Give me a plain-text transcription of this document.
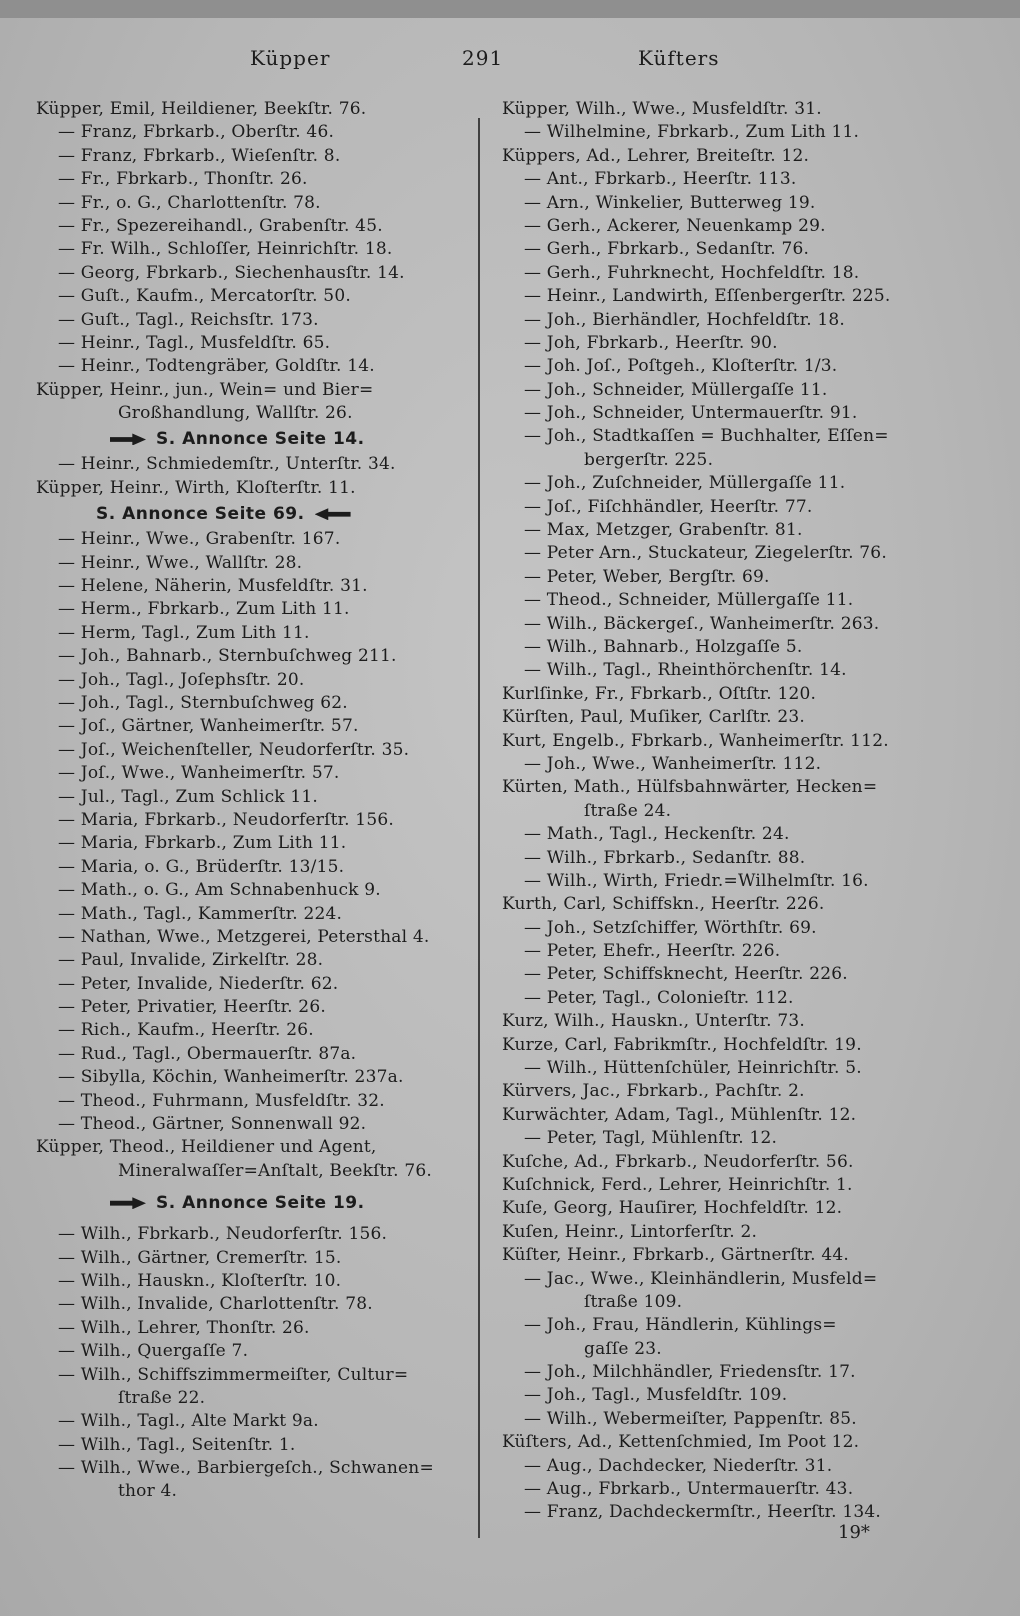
Küpper	291	Küfters
Küpper, Emil, Heildiener, Beekſtr. 76.
— Franz, Fbrkarb., Oberſtr. 46.
— Franz, Fbrkarb., Wieſenſtr. 8.
— Fr., Fbrkarb., Thonſtr. 26.
— Fr., o. G., Charlottenſtr. 78.
— Fr., Spezereihandl., Grabenſtr. 45.
— Fr. Wilh., Schloſſer, Heinrichſtr. 18.
— Georg, Fbrkarb., Siechenhausſtr. 14.
— Guſt., Kaufm., Mercatorſtr. 50.
— Guſt., Tagl., Reichsſtr. 173.
— Heinr., Tagl., Musfeldſtr. 65.
— Heinr., Todtengräber, Goldſtr. 14.
Küpper, Heinr., jun., Wein= und Bier=
Großhandlung, Wallſtr. 26.
S. Annonce Seite 14.
— Heinr., Schmiedemſtr., Unterſtr. 34.
Küpper, Heinr., Wirth, Kloſterſtr. 11.
S. Annonce Seite 69.
— Heinr., Wwe., Grabenſtr. 167.
— Heinr., Wwe., Wallſtr. 28.
— Helene, Näherin, Musfeldſtr. 31.
— Herm., Fbrkarb., Zum Lith 11.
— Herm, Tagl., Zum Lith 11.
— Joh., Bahnarb., Sternbuſchweg 211.
— Joh., Tagl., Joſephsſtr. 20.
— Joh., Tagl., Sternbuſchweg 62.
— Joſ., Gärtner, Wanheimerſtr. 57.
— Joſ., Weichenſteller, Neudorferſtr. 35.
— Joſ., Wwe., Wanheimerſtr. 57.
— Jul., Tagl., Zum Schlick 11.
— Maria, Fbrkarb., Neudorferſtr. 156.
— Maria, Fbrkarb., Zum Lith 11.
— Maria, o. G., Brüderſtr. 13/15.
— Math., o. G., Am Schnabenhuck 9.
— Math., Tagl., Kammerſtr. 224.
— Nathan, Wwe., Metzgerei, Petersthal 4.
— Paul, Invalide, Zirkelſtr. 28.
— Peter, Invalide, Niederſtr. 62.
— Peter, Privatier, Heerſtr. 26.
— Rich., Kaufm., Heerſtr. 26.
— Rud., Tagl., Obermauerſtr. 87a.
— Sibylla, Köchin, Wanheimerſtr. 237a.
— Theod., Fuhrmann, Musfeldſtr. 32.
— Theod., Gärtner, Sonnenwall 92.
Küpper, Theod., Heildiener und Agent,
Mineralwaſſer=Anſtalt, Beekſtr. 76.
S. Annonce Seite 19.
— Wilh., Fbrkarb., Neudorferſtr. 156.
— Wilh., Gärtner, Cremerſtr. 15.
— Wilh., Hauskn., Kloſterſtr. 10.
— Wilh., Invalide, Charlottenſtr. 78.
— Wilh., Lehrer, Thonſtr. 26.
— Wilh., Quergaſſe 7.
— Wilh., Schiffszimmermeiſter, Cultur=
ſtraße 22.
— Wilh., Tagl., Alte Markt 9a.
— Wilh., Tagl., Seitenſtr. 1.
— Wilh., Wwe., Barbiergeſch., Schwanen=
thor 4.
Küpper, Wilh., Wwe., Musfeldſtr. 31.
— Wilhelmine, Fbrkarb., Zum Lith 11.
Küppers, Ad., Lehrer, Breiteſtr. 12.
— Ant., Fbrkarb., Heerſtr. 113.
— Arn., Winkelier, Butterweg 19.
— Gerh., Ackerer, Neuenkamp 29.
— Gerh., Fbrkarb., Sedanſtr. 76.
— Gerh., Fuhrknecht, Hochfeldſtr. 18.
— Heinr., Landwirth, Eſſenbergerſtr. 225.
— Joh., Bierhändler, Hochfeldſtr. 18.
— Joh, Fbrkarb., Heerſtr. 90.
— Joh. Joſ., Poſtgeh., Kloſterſtr. 1/3.
— Joh., Schneider, Müllergaſſe 11.
— Joh., Schneider, Untermauerſtr. 91.
— Joh., Stadtkaſſen = Buchhalter, Eſſen=
bergerſtr. 225.
— Joh., Zuſchneider, Müllergaſſe 11.
— Joſ., Fiſchhändler, Heerſtr. 77.
— Max, Metzger, Grabenſtr. 81.
— Peter Arn., Stuckateur, Ziegelerſtr. 76.
— Peter, Weber, Bergſtr. 69.
— Theod., Schneider, Müllergaſſe 11.
— Wilh., Bäckergeſ., Wanheimerſtr. 263.
— Wilh., Bahnarb., Holzgaſſe 5.
— Wilh., Tagl., Rheinthörchenſtr. 14.
Kurlſinke, Fr., Fbrkarb., Oſtſtr. 120.
Kürſten, Paul, Muſiker, Carlſtr. 23.
Kurt, Engelb., Fbrkarb., Wanheimerſtr. 112.
— Joh., Wwe., Wanheimerſtr. 112.
Kürten, Math., Hülfsbahnwärter, Hecken=
ſtraße 24.
— Math., Tagl., Heckenſtr. 24.
— Wilh., Fbrkarb., Sedanſtr. 88.
— Wilh., Wirth, Friedr.=Wilhelmſtr. 16.
Kurth, Carl, Schiffskn., Heerſtr. 226.
— Joh., Setzſchiffer, Wörthſtr. 69.
— Peter, Ehefr., Heerſtr. 226.
— Peter, Schiffsknecht, Heerſtr. 226.
— Peter, Tagl., Colonieſtr. 112.
Kurz, Wilh., Hauskn., Unterſtr. 73.
Kurze, Carl, Fabrikmſtr., Hochfeldſtr. 19.
— Wilh., Hüttenſchüler, Heinrichſtr. 5.
Kürvers, Jac., Fbrkarb., Pachſtr. 2.
Kurwächter, Adam, Tagl., Mühlenſtr. 12.
— Peter, Tagl, Mühlenſtr. 12.
Kuſche, Ad., Fbrkarb., Neudorferſtr. 56.
Kuſchnick, Ferd., Lehrer, Heinrichſtr. 1.
Kuſe, Georg, Hauſirer, Hochfeldſtr. 12.
Kuſen, Heinr., Lintorferſtr. 2.
Küſter, Heinr., Fbrkarb., Gärtnerſtr. 44.
— Jac., Wwe., Kleinhändlerin, Musfeld=
ſtraße 109.
— Joh., Frau, Händlerin, Kühlings=
gaſſe 23.
— Joh., Milchhändler, Friedensſtr. 17.
— Joh., Tagl., Musfeldſtr. 109.
— Wilh., Webermeiſter, Pappenſtr. 85.
Küſters, Ad., Kettenſchmied, Im Poot 12.
— Aug., Dachdecker, Niederſtr. 31.
— Aug., Fbrkarb., Untermauerſtr. 43.
— Franz, Dachdeckermſtr., Heerſtr. 134.
19*
